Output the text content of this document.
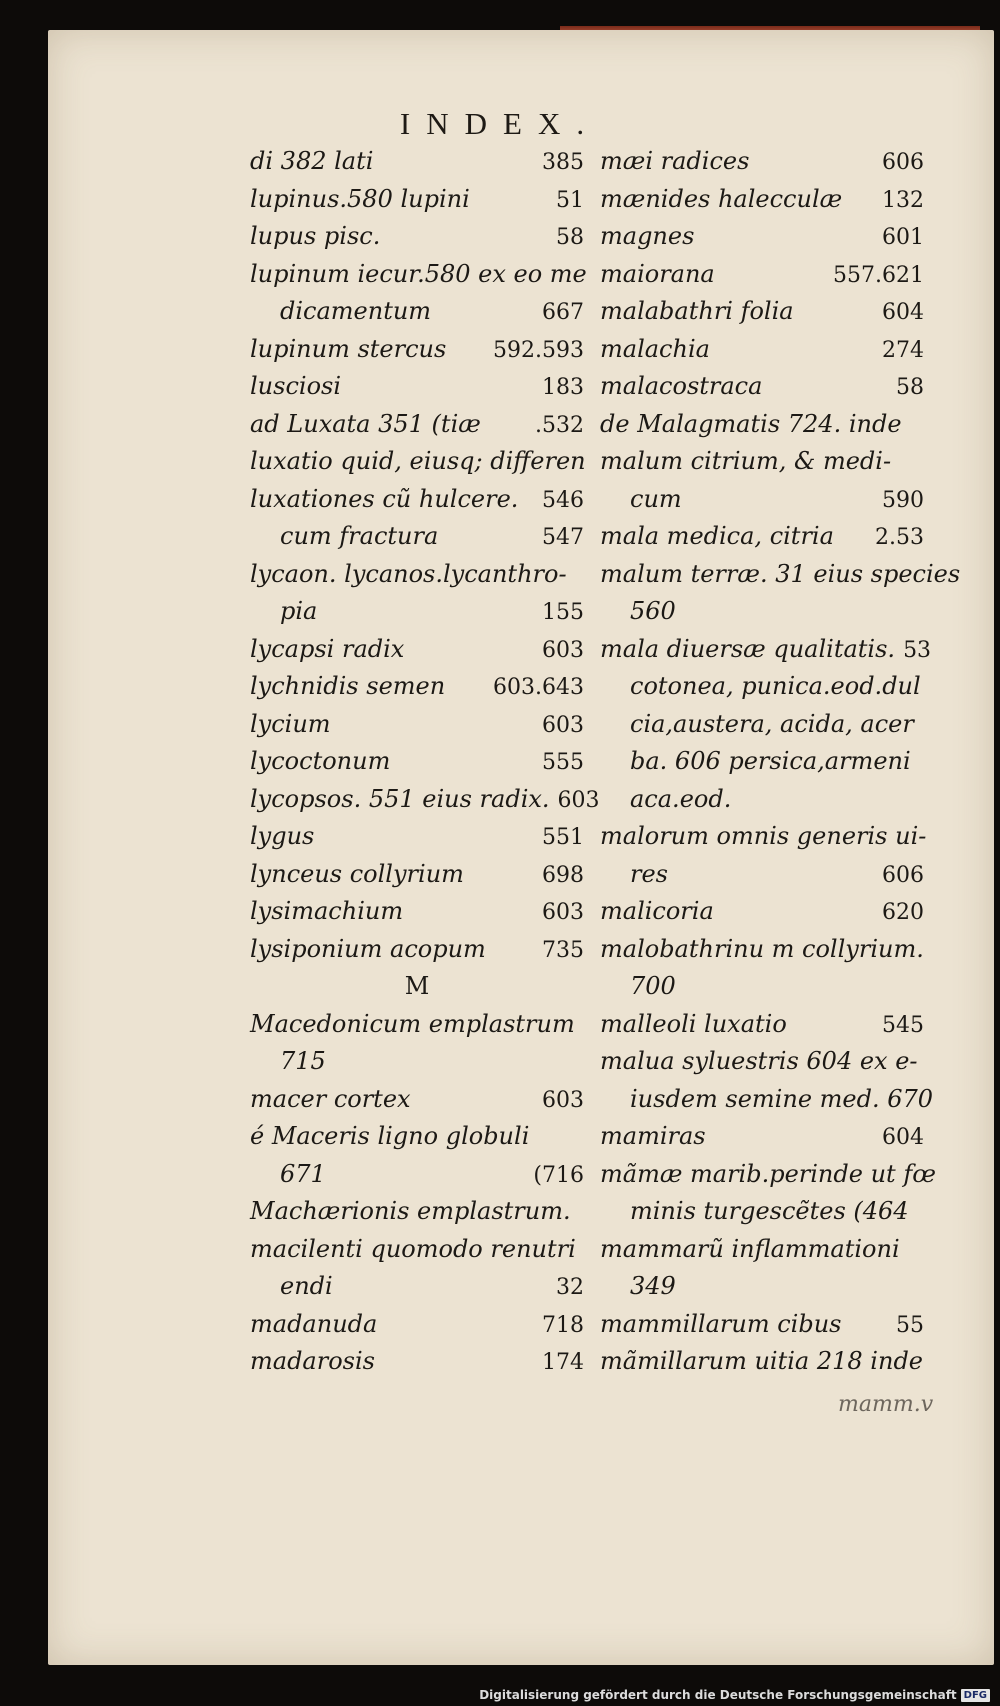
INDEX.
di 382 lati	385
lupinus.580 lupini	51
lupus pisc.	58
lupinum iecur.580 ex eo me
dicamentum	667
lupinum stercus	592.593
lusciosi	183
ad Luxata 351 (tiæ	.532
luxatio quid, eiusq; differen
luxationes cũ hulcere.	546
cum fractura	547
lycaon. lycanos.lycanthro-
pia	155
lycapsi radix	603
lychnidis semen	603.643
lycium	603
lycoctonum	555
lycopsos. 551 eius radix. 603
lygus	551
lynceus collyrium	698
lysimachium	603
lysiponium acopum	735
M
Macedonicum emplastrum
715
macer cortex	603
é Maceris ligno globuli
671	(716
Machærionis emplastrum.
macilenti quomodo renutri
endi	32
madanuda	718
madarosis	174
mæi radices	606
mænides halecculæ	132
magnes	601
maiorana	557.621
malabathri folia	604
malachia	274
malacostraca	58
de Malagmatis 724. inde
malum citrium, & medi-
cum	590
mala medica, citria	2.53
malum terræ. 31 eius species
560
mala diuersæ qualitatis. 53
cotonea, punica.eod.dul
cia,austera, acida, acer
ba. 606 persica,armeni
aca.eod.
malorum omnis generis ui-
res	606
malicoria	620
malobathrinu m collyrium.
700
malleoli luxatio	545
malua syluestris 604 ex e-
iusdem semine med. 670
mamiras	604
mãmæ marib.perinde ut fœ
minis turgescẽtes (464
mammarũ inflammationi
349
mammillarum cibus	55
mãmillarum uitia 218 inde
mamm.v
Digitalisierung gefördert durch die Deutsche Forschungsgemeinschaft DFG
